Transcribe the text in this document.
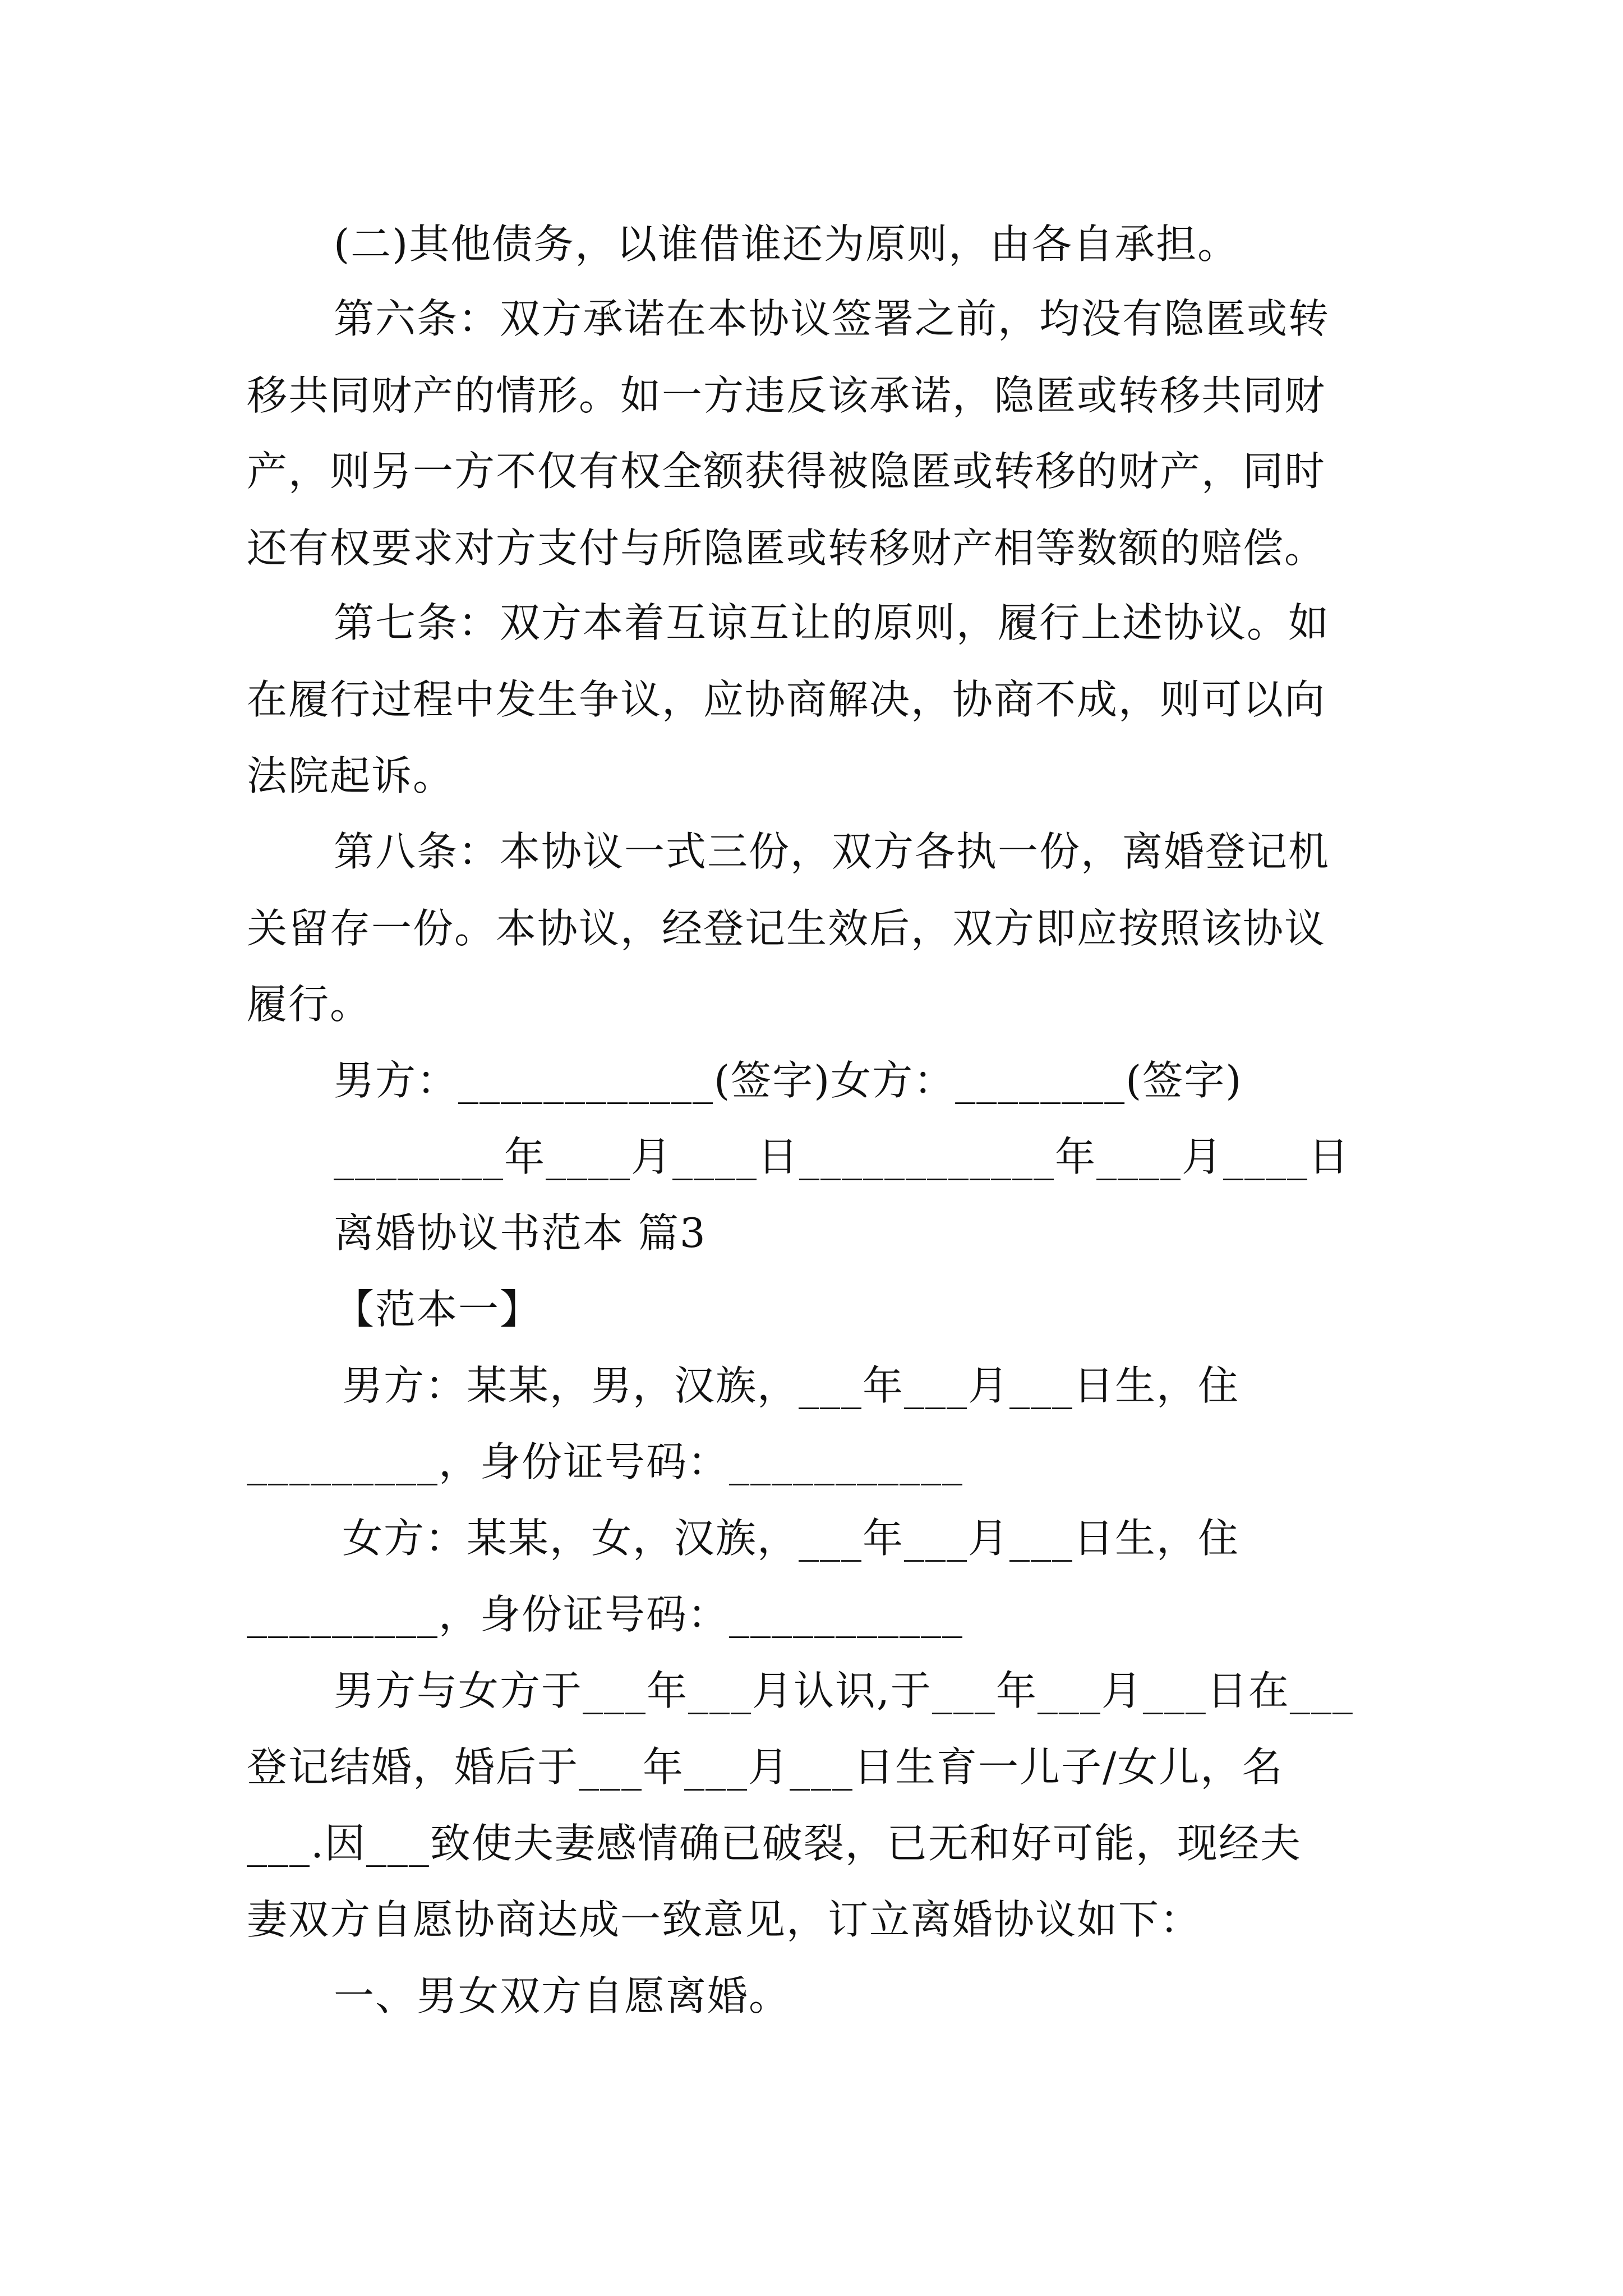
(二)其他债务，以谁借谁还为原则，由各自承担。
第六条：双方承诺在本协议签署之前，均没有隐匿或转
移共同财产的情形。如一方违反该承诺，隐匿或转移共同财
产，则另一方不仅有权全额获得被隐匿或转移的财产，同时
还有权要求对方支付与所隐匿或转移财产相等数额的赔偿。
第七条：双方本着互谅互让的原则，履行上述协议。如
在履行过程中发生争议，应协商解决，协商不成，则可以向
法院起诉。
第八条：本协议一式三份，双方各执一份，离婚登记机
关留存一份。本协议，经登记生效后，双方即应按照该协议
履行。
男方：____________(签字)女方：________(签字)
________年____月____日____________年____月____日
离婚协议书范本 篇3
【范本一】
男方：某某，男，汉族，___年___月___日生，住
_________，身份证号码：___________
女方：某某，女，汉族，___年___月___日生，住
_________，身份证号码：___________
男方与女方于___年___月认识,于___年___月___日在___
登记结婚，婚后于___年___月___日生育一儿子/女儿，名
___.因___致使夫妻感情确已破裂，已无和好可能，现经夫
妻双方自愿协商达成一致意见，订立离婚协议如下：
一、男女双方自愿离婚。
